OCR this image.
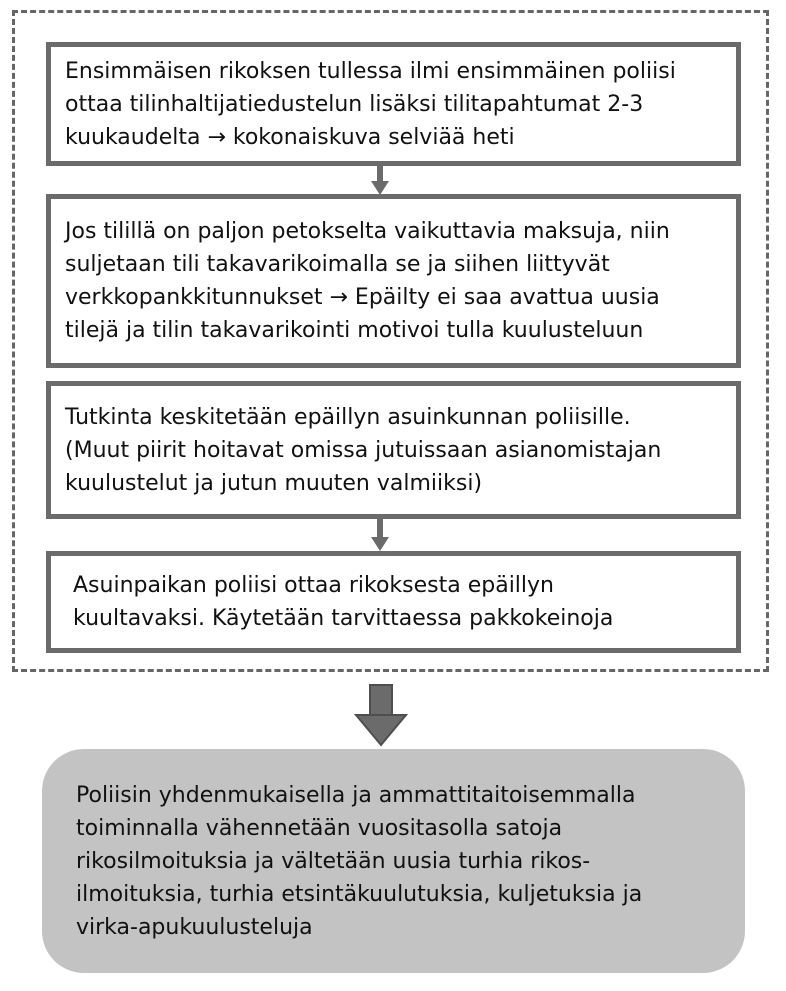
Ensimmäisen rikoksen tullessa ilmi ensimmäinen poliisi
ottaa tilinhaltijatiedustelun lisäksi tilitapahtumat 2-3
kuukaudelta → kokonaiskuva selviää heti
Jos tilillä on paljon petokselta vaikuttavia maksuja, niin
suljetaan tili takavarikoimalla se ja siihen liittyvät
verkkopankkitunnukset → Epäilty ei saa avattua uusia
tilejä ja tilin takavarikointi motivoi tulla kuulusteluun
Tutkinta keskitetään epäillyn asuinkunnan poliisille.
(Muut piirit hoitavat omissa jutuissaan asianomistajan
kuulustelut ja jutun muuten valmiiksi)
Asuinpaikan poliisi ottaa rikoksesta epäillyn
kuultavaksi. Käytetään tarvittaessa pakkokeinoja
Poliisin yhdenmukaisella ja ammattitaitoisemmalla
toiminnalla vähennetään vuositasolla satoja
rikosilmoituksia ja vältetään uusia turhia rikos-
ilmoituksia, turhia etsintäkuulutuksia, kuljetuksia ja
virka-apukuulusteluja
